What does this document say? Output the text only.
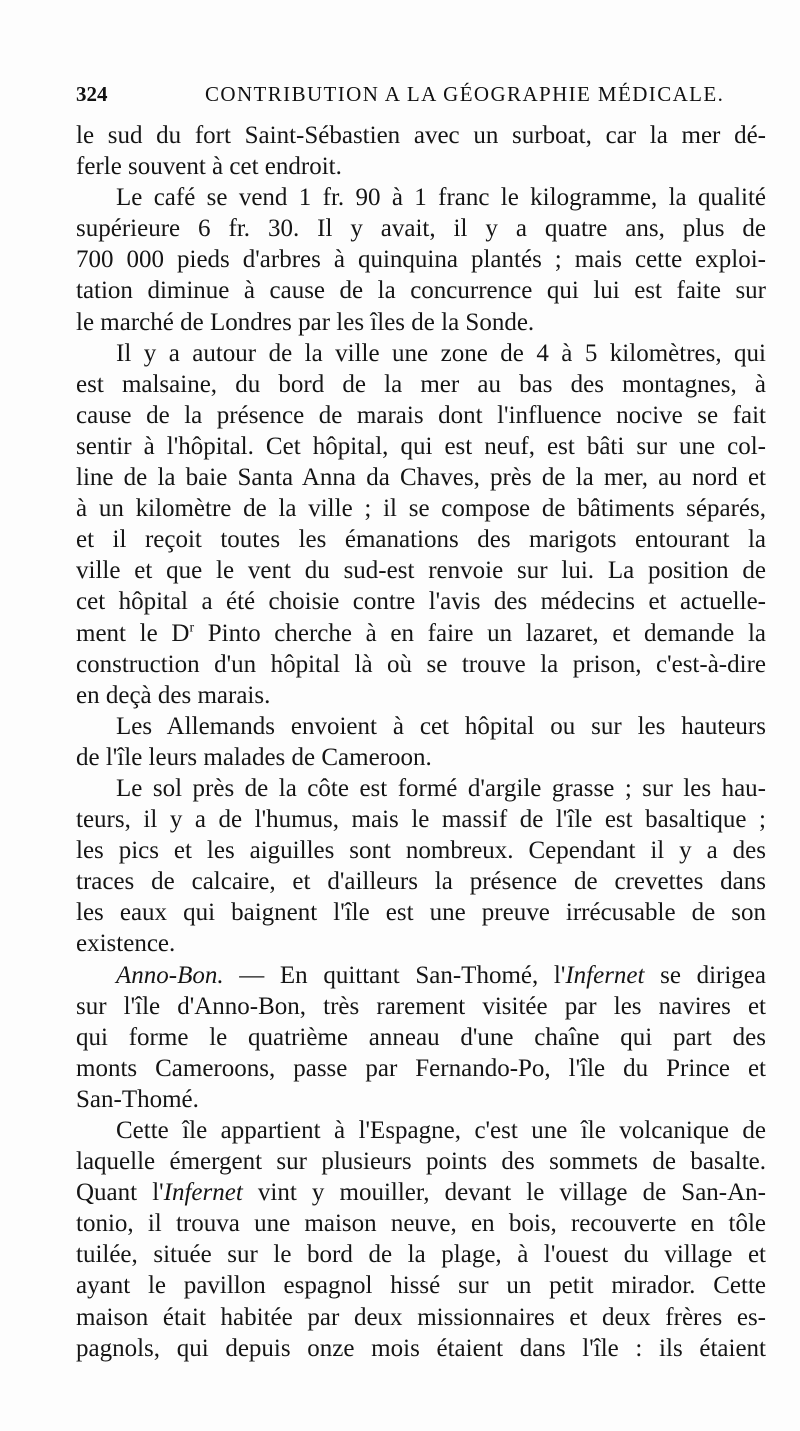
324	CONTRIBUTION A LA GÉOGRAPHIE MÉDICALE.
le sud du fort Saint-Sébastien avec un surboat, car la mer dé-
ferle souvent à cet endroit.
Le café se vend 1 fr. 90 à 1 franc le kilogramme, la qualité
supérieure 6 fr. 30. Il y avait, il y a quatre ans, plus de
700 000 pieds d'arbres à quinquina plantés ; mais cette exploi-
tation diminue à cause de la concurrence qui lui est faite sur
le marché de Londres par les îles de la Sonde.
Il y a autour de la ville une zone de 4 à 5 kilomètres, qui
est malsaine, du bord de la mer au bas des montagnes, à
cause de la présence de marais dont l'influence nocive se fait
sentir à l'hôpital. Cet hôpital, qui est neuf, est bâti sur une col-
line de la baie Santa Anna da Chaves, près de la mer, au nord et
à un kilomètre de la ville ; il se compose de bâtiments séparés,
et il reçoit toutes les émanations des marigots entourant la
ville et que le vent du sud-est renvoie sur lui. La position de
cet hôpital a été choisie contre l'avis des médecins et actuelle-
ment le $D^r$ Pinto cherche à en faire un lazaret, et demande la
construction d'un hôpital là où se trouve la prison, c'est-à-dire
en deçà des marais.
Les Allemands envoient à cet hôpital ou sur les hauteurs
de l'île leurs malades de Cameroon.
Le sol près de la côte est formé d'argile grasse ; sur les hau-
teurs, il y a de l'humus, mais le massif de l'île est basaltique ;
les pics et les aiguilles sont nombreux. Cependant il y a des
traces de calcaire, et d'ailleurs la présence de crevettes dans
les eaux qui baignent l'île est une preuve irrécusable de son
existence.
Anno-Bon. — En quittant San-Thomé, l'Infernet se dirigea
sur l'île d'Anno-Bon, très rarement visitée par les navires et
qui forme le quatrième anneau d'une chaîne qui part des
monts Cameroons, passe par Fernando-Po, l'île du Prince et
San-Thomé.
Cette île appartient à l'Espagne, c'est une île volcanique de
laquelle émergent sur plusieurs points des sommets de basalte.
Quant l'Infernet vint y mouiller, devant le village de San-An-
tonio, il trouva une maison neuve, en bois, recouverte en tôle
tuilée, située sur le bord de la plage, à l'ouest du village et
ayant le pavillon espagnol hissé sur un petit mirador. Cette
maison était habitée par deux missionnaires et deux frères es-
pagnols, qui depuis onze mois étaient dans l'île : ils étaient
